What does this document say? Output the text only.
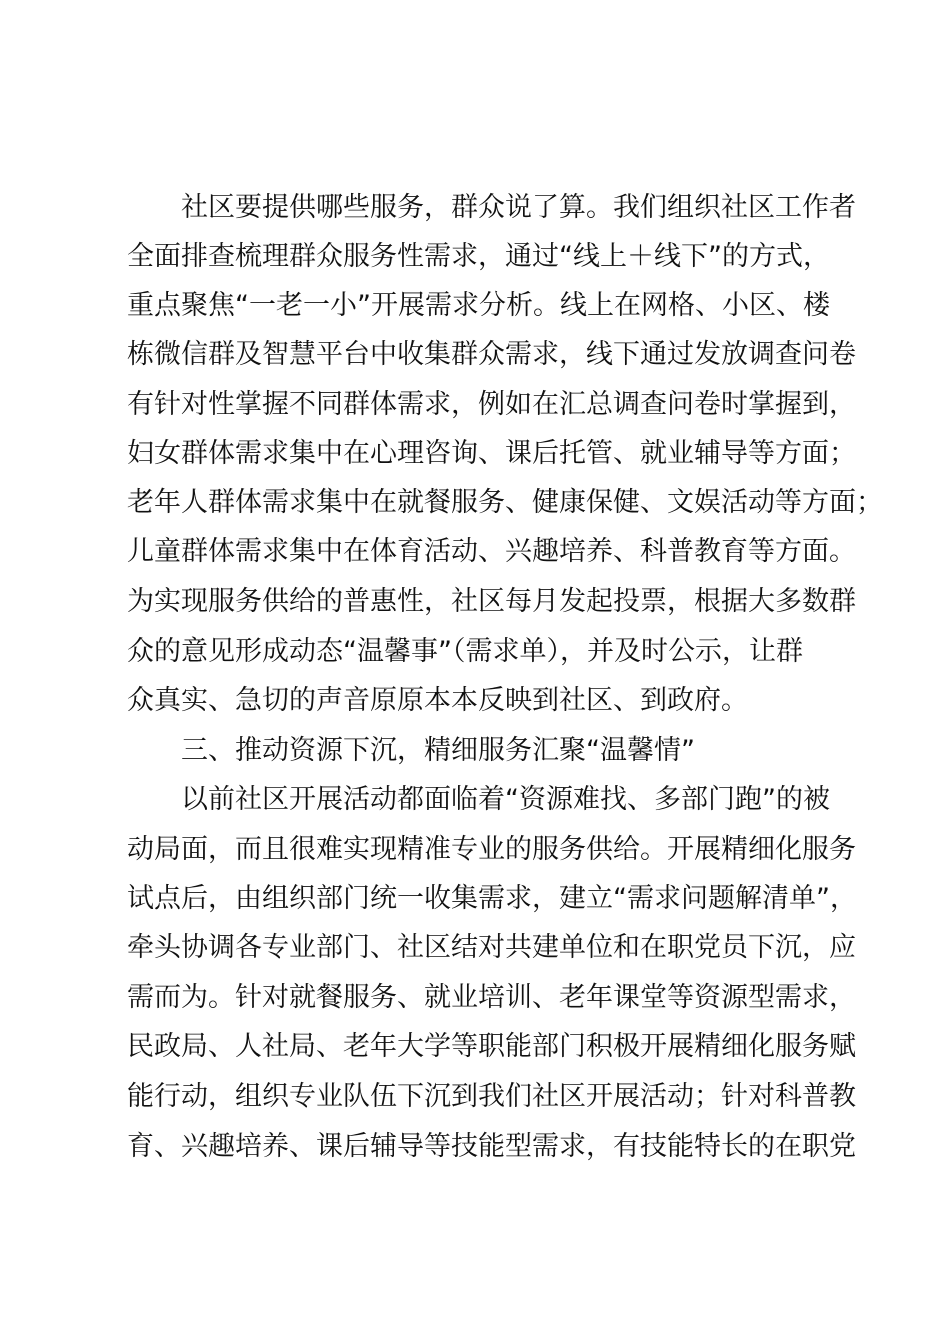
社区要提供哪些服务，群众说了算。我们组织社区工作者
全面排查梳理群众服务性需求，通过“线上＋线下”的方式，
重点聚焦“一老一小”开展需求分析。线上在网格、小区、楼
栋微信群及智慧平台中收集群众需求，线下通过发放调查问卷
有针对性掌握不同群体需求，例如在汇总调查问卷时掌握到，
妇女群体需求集中在心理咨询、课后托管、就业辅导等方面；
老年人群体需求集中在就餐服务、健康保健、文娱活动等方面；
儿童群体需求集中在体育活动、兴趣培养、科普教育等方面。
为实现服务供给的普惠性，社区每月发起投票，根据大多数群
众的意见形成动态“温馨事”（需求单），并及时公示，让群
众真实、急切的声音原原本本反映到社区、到政府。
三、推动资源下沉，精细服务汇聚“温馨情”
以前社区开展活动都面临着“资源难找、多部门跑”的被
动局面，而且很难实现精准专业的服务供给。开展精细化服务
试点后，由组织部门统一收集需求，建立“需求问题解清单”，
牵头协调各专业部门、社区结对共建单位和在职党员下沉，应
需而为。针对就餐服务、就业培训、老年课堂等资源型需求，
民政局、人社局、老年大学等职能部门积极开展精细化服务赋
能行动，组织专业队伍下沉到我们社区开展活动；针对科普教
育、兴趣培养、课后辅导等技能型需求，有技能特长的在职党
